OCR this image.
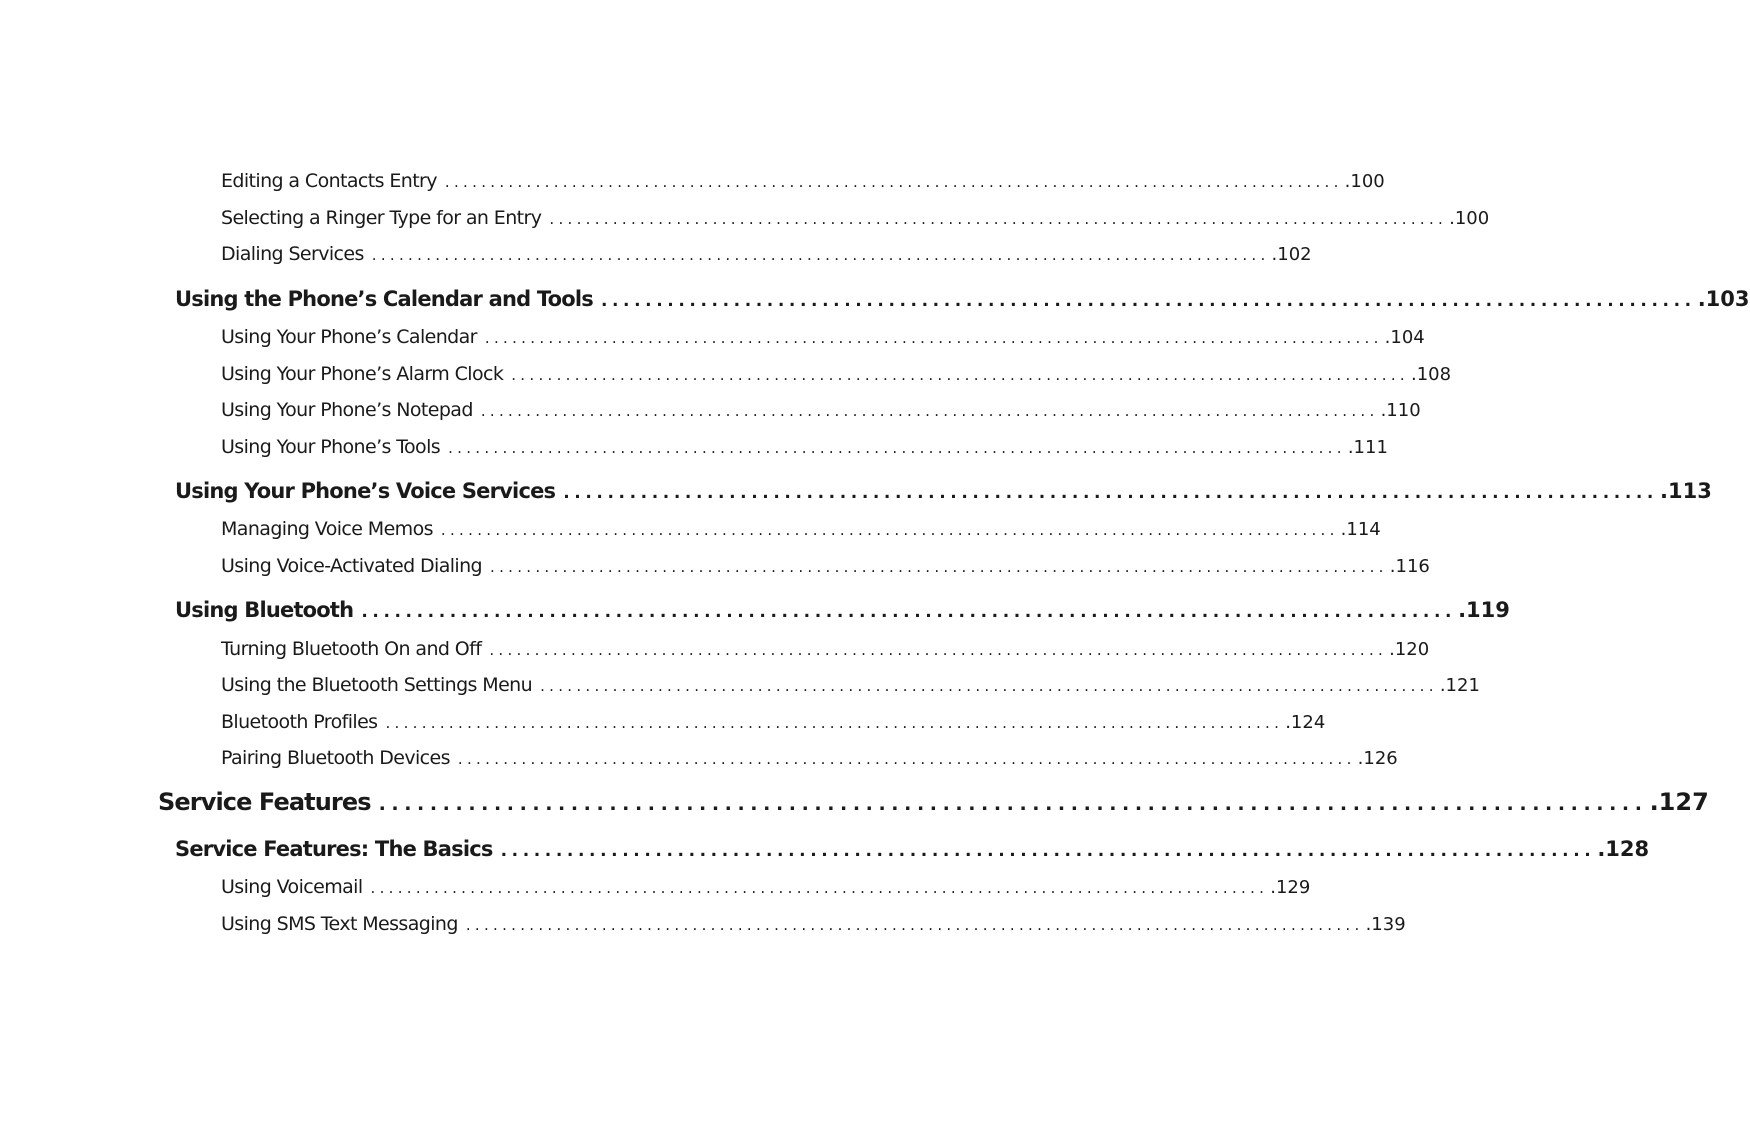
Editing a Contacts Entry ................................................................................................... .100
Selecting a Ringer Type for an Entry ................................................................................................... .100
Dialing Services ................................................................................................... .102
Using the Phone’s Calendar and Tools ................................................................................................... .103
Using Your Phone’s Calendar ................................................................................................... .104
Using Your Phone’s Alarm Clock ................................................................................................... .108
Using Your Phone’s Notepad ................................................................................................... .110
Using Your Phone’s Tools ................................................................................................... .111
Using Your Phone’s Voice Services ................................................................................................... .113
Managing Voice Memos ................................................................................................... .114
Using Voice-Activated Dialing ................................................................................................... .116
Using Bluetooth ................................................................................................... .119
Turning Bluetooth On and Off ................................................................................................... .120
Using the Bluetooth Settings Menu ................................................................................................... .121
Bluetooth Profiles ................................................................................................... .124
Pairing Bluetooth Devices ................................................................................................... .126
Service Features ................................................................................................... .127
Service Features: The Basics ................................................................................................... .128
Using Voicemail ................................................................................................... .129
Using SMS Text Messaging ................................................................................................... .139
